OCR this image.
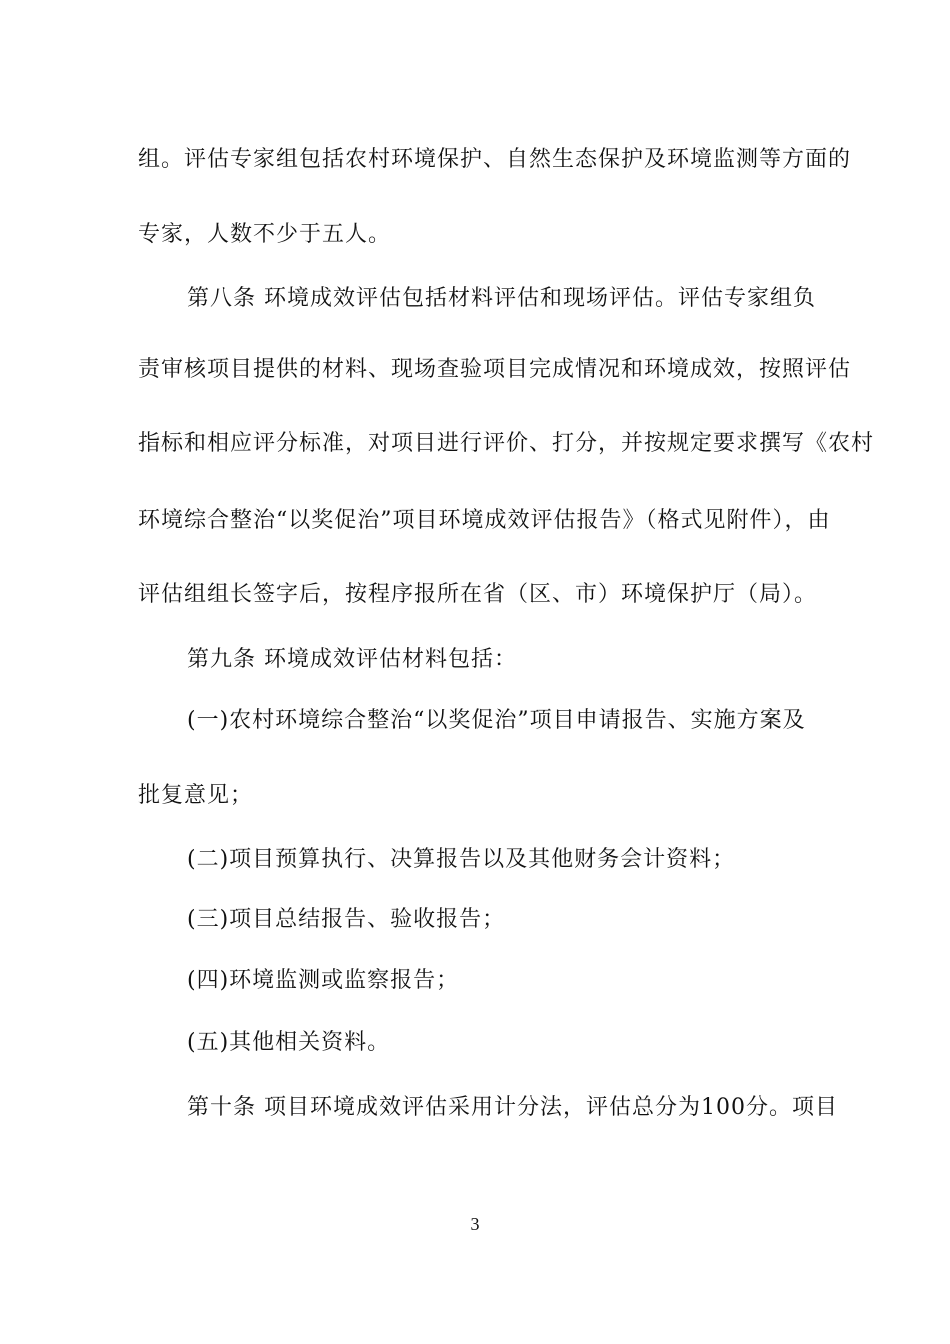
组。评估专家组包括农村环境保护、自然生态保护及环境监测等方面的
专家，人数不少于五人。
第八条 环境成效评估包括材料评估和现场评估。评估专家组负
责审核项目提供的材料、现场查验项目完成情况和环境成效，按照评估
指标和相应评分标准，对项目进行评价、打分，并按规定要求撰写《农村
环境综合整治“以奖促治”项目环境成效评估报告》（格式见附件），由
评估组组长签字后，按程序报所在省（区、市）环境保护厅（局）。
第九条 环境成效评估材料包括：
(一)农村环境综合整治“以奖促治”项目申请报告、实施方案及
批复意见；
(二)项目预算执行、决算报告以及其他财务会计资料；
(三)项目总结报告、验收报告；
(四)环境监测或监察报告；
(五)其他相关资料。
第十条 项目环境成效评估采用计分法，评估总分为100分。项目
3
